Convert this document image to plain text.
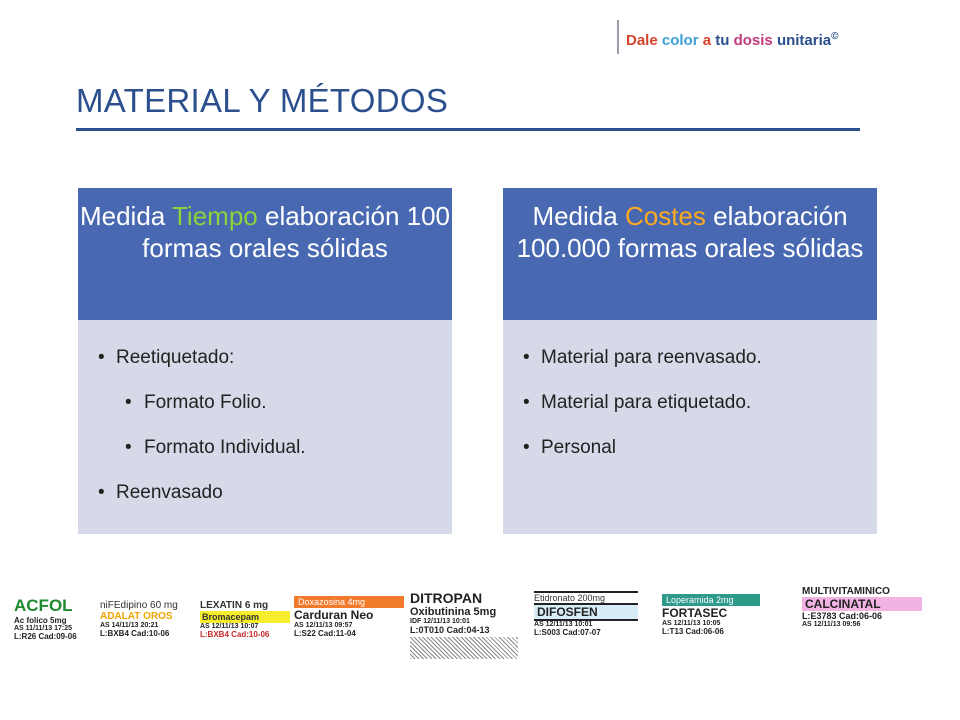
Dale color a tu dosis unitaria©
MATERIAL Y MÉTODOS
Medida Tiempo elaboración 100 formas orales sólidas
• Reetiquetado:
• Formato Folio.
• Formato Individual.
• Reenvasado
Medida Costes elaboración 100.000 formas orales sólidas
• Material para reenvasado.
• Material para etiquetado.
• Personal
ACFOL
Ac folico 5mg
AS 11/11/13 17:25
L:R26 Cad:09-06
niFEdipino 60 mg
ADALAT OROS
AS 14/11/13 20:21
L:BXB4 Cad:10-06
LEXATIN 6 mg
Bromacepam
AS 12/11/13 10:07
L:BXB4 Cad:10-06
Doxazosina 4mg
Carduran Neo
AS 12/11/13 09:57
L:S22 Cad:11-04
DITROPAN
Oxibutinina 5mg
IDF 12/11/13 10:01
L:0T010 Cad:04-13
Etidronato 200mg
DIFOSFEN
AS 12/11/13 10:01
L:S003 Cad:07-07
Loperamida 2mg
FORTASEC
AS 12/11/13 10:05
L:T13 Cad:06-06
MULTIVITAMINICO
CALCINATAL
L:E3783 Cad:06-06
AS 12/11/13 09:56
